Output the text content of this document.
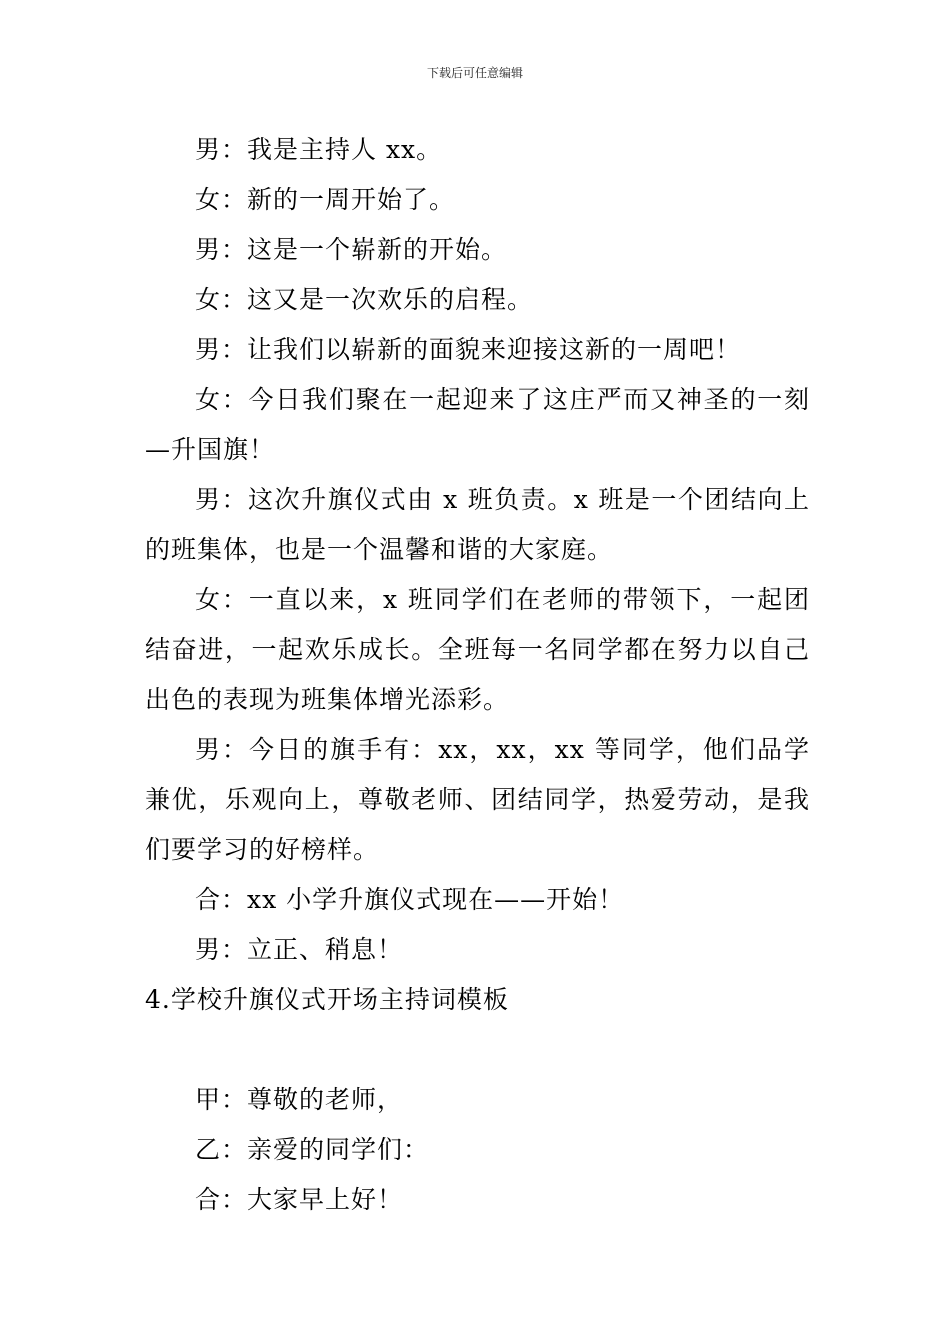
下载后可任意编辑

男：我是主持人 xx。

女：新的一周开始了。

男：这是一个崭新的开始。

女：这又是一次欢乐的启程。

男：让我们以崭新的面貌来迎接这新的一周吧！

女：今日我们聚在一起迎来了这庄严而又神圣的一刻—升国旗！

男：这次升旗仪式由 x 班负责。x 班是一个团结向上的班集体，也是一个温馨和谐的大家庭。

女：一直以来，x 班同学们在老师的带领下，一起团结奋进，一起欢乐成长。全班每一名同学都在努力以自己出色的表现为班集体增光添彩。

男：今日的旗手有：xx，xx，xx 等同学，他们品学兼优，乐观向上，尊敬老师、团结同学，热爱劳动，是我们要学习的好榜样。

合：xx 小学升旗仪式现在——开始！

男：立正、稍息！

4.学校升旗仪式开场主持词模板

甲：尊敬的老师，

乙：亲爱的同学们：

合：大家早上好！
